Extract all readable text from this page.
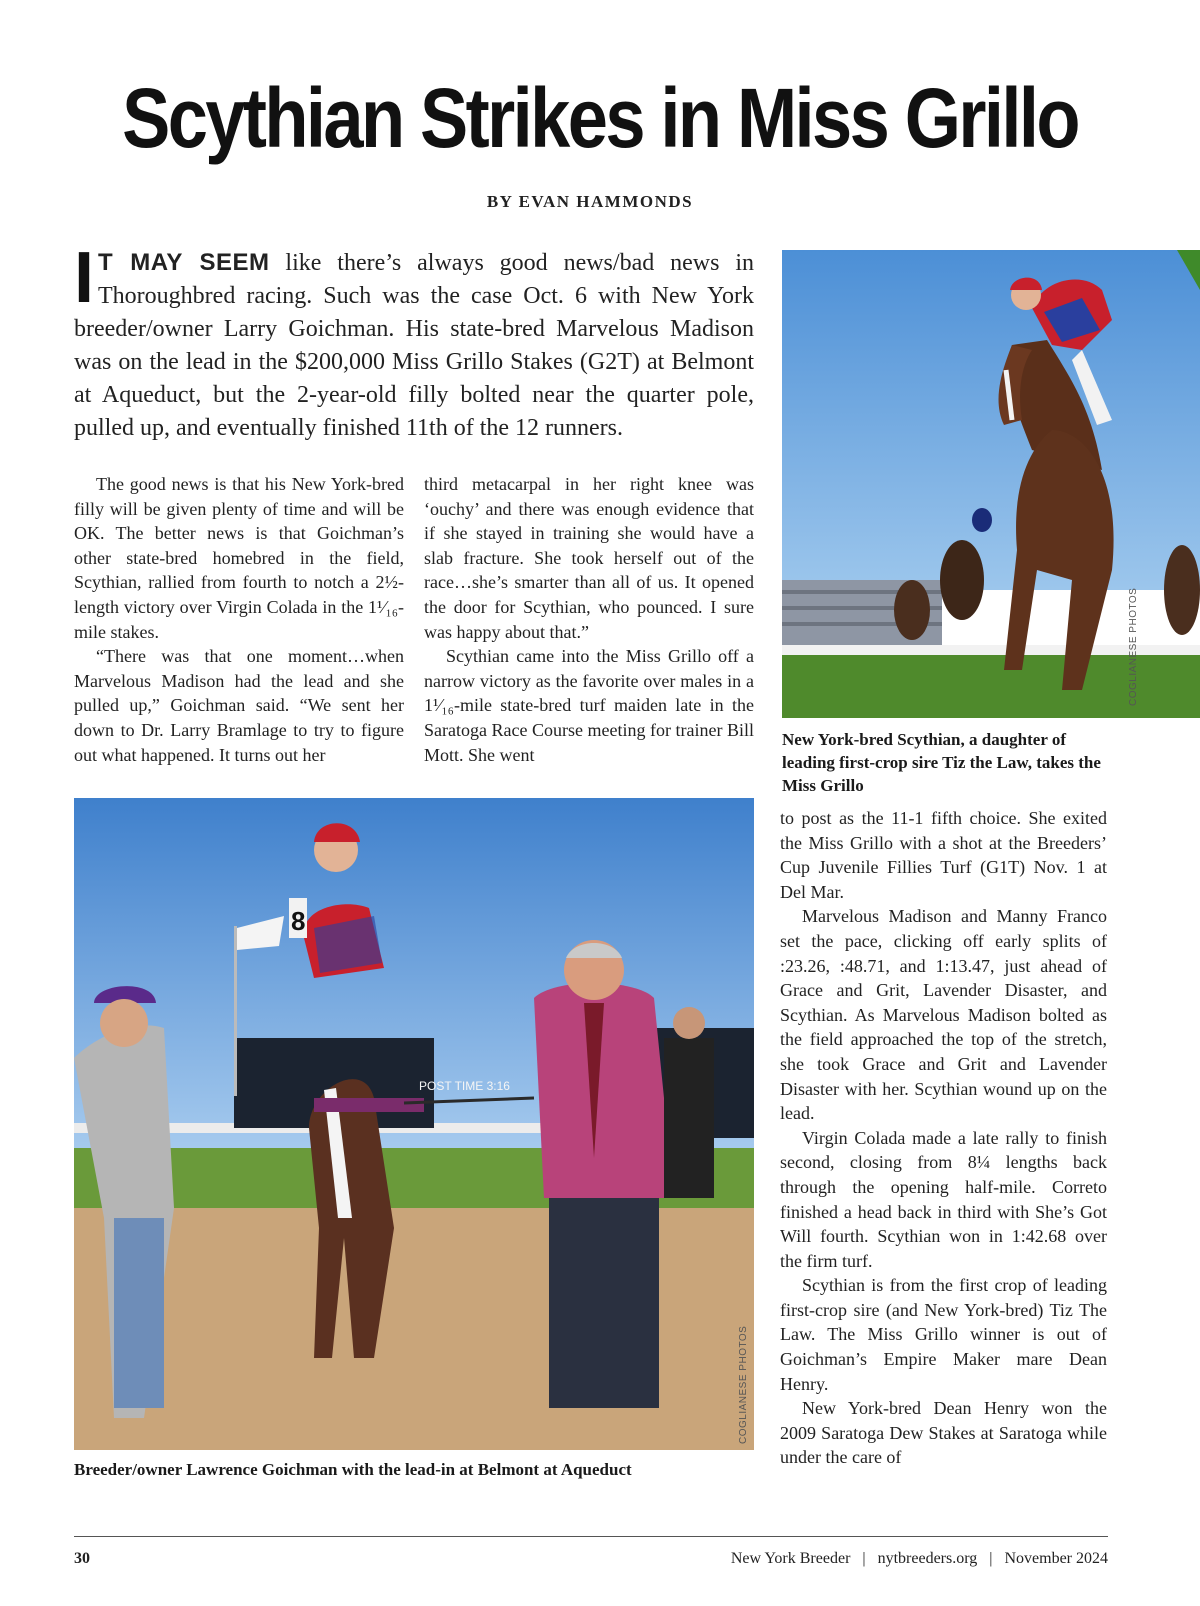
Scythian Strikes in Miss Grillo
BY EVAN HAMMONDS
I T MAY SEEM like there’s always good news/bad news in Thoroughbred racing. Such was the case Oct. 6 with New York breeder/owner Larry Goichman. His state-bred Marvelous Madison was on the lead in the $200,000 Miss Grillo Stakes (G2T) at Belmont at Aqueduct, but the 2-year-old filly bolted near the quarter pole, pulled up, and eventually finished 11th of the 12 runners.

The good news is that his New York-bred filly will be given plenty of time and will be OK. The better news is that Goichman’s other state-bred homebred in the field, Scythian, rallied from fourth to notch a 2½-length victory over Virgin Colada in the 1¹⁄₁₆-mile stakes.

“There was that one moment…when Marvelous Madison had the lead and she pulled up,” Goichman said. “We sent her down to Dr. Larry Bramlage to try to figure out what happened. It turns out her

third metacarpal in her right knee was ‘ouchy’ and there was enough evidence that if she stayed in training she would have a slab fracture. She took herself out of the race…she’s smarter than all of us. It opened the door for Scythian, who pounced. I sure was happy about that.”

Scythian came into the Miss Grillo off a narrow victory as the favorite over males in a 1¹⁄₁₆-mile state-bred turf maiden late in the Saratoga Race Course meeting for trainer Bill Mott. She went

COGLIANESE PHOTOS
New York-bred Scythian, a daughter of leading first-crop sire Tiz the Law, takes the Miss Grillo
POST TIME 3:16
8
COGLIANESE PHOTOS
Breeder/owner Lawrence Goichman with the lead-in at Belmont at Aqueduct

to post as the 11-1 fifth choice. She exited the Miss Grillo with a shot at the Breeders’ Cup Juvenile Fillies Turf (G1T) Nov. 1 at Del Mar.

Marvelous Madison and Manny Franco set the pace, clicking off early splits of :23.26, :48.71, and 1:13.47, just ahead of Grace and Grit, Lavender Disaster, and Scythian. As Marvelous Madison bolted as the field approached the top of the stretch, she took Grace and Grit and Lavender Disaster with her. Scythian wound up on the lead.

Virgin Colada made a late rally to finish second, closing from 8¼ lengths back through the opening half-mile. Correto finished a head back in third with She’s Got Will fourth. Scythian won in 1:42.68 over the firm turf.

Scythian is from the first crop of leading first-crop sire (and New York-bred) Tiz The Law. The Miss Grillo winner is out of Goichman’s Empire Maker mare Dean Henry.

New York-bred Dean Henry won the 2009 Saratoga Dew Stakes at Saratoga while under the care of

30	New York Breeder | nytbreeders.org | November 2024
